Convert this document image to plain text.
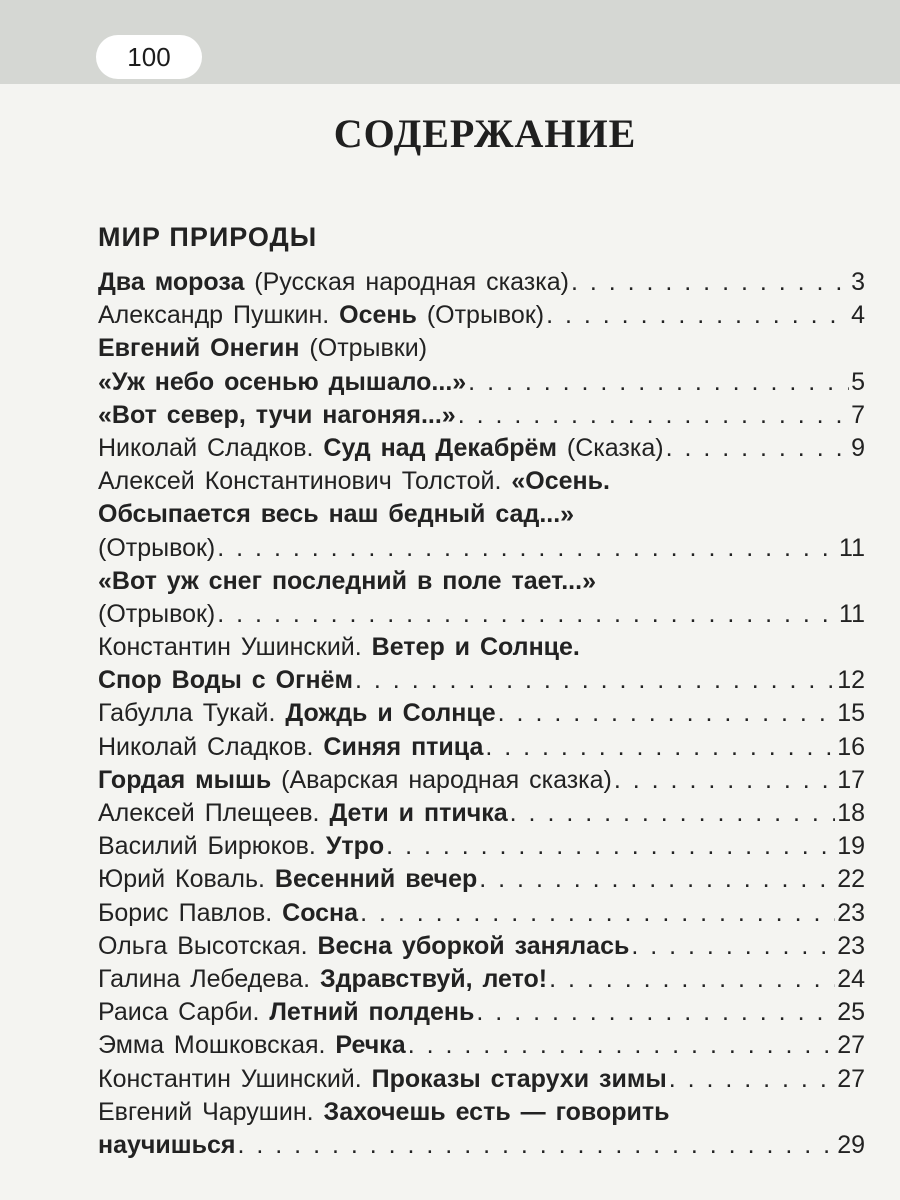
100
СОДЕРЖАНИЕ
МИР ПРИРОДЫ
Два мороза (Русская народная сказка) . . .	3
Александр Пушкин. Осень (Отрывок) . . .	4
Евгений Онегин (Отрывки)
«Уж небо осенью дышало...» . . .	5
«Вот север, тучи нагоняя...» . . .	7
Николай Сладков. Суд над Декабрём (Сказка) . . .	9
Алексей Константинович Толстой. «Осень.
Обсыпается весь наш бедный сад...»
(Отрывок) . . .	11
«Вот уж снег последний в поле тает...»
(Отрывок) . . .	11
Константин Ушинский. Ветер и Солнце.
Спор Воды с Огнём . . .	12
Габулла Тукай. Дождь и Солнце . . .	15
Николай Сладков. Синяя птица . . .	16
Гордая мышь (Аварская народная сказка) . . .	17
Алексей Плещеев. Дети и птичка . . .	18
Василий Бирюков. Утро . . .	19
Юрий Коваль. Весенний вечер . . .	22
Борис Павлов. Сосна . . .	23
Ольга Высотская. Весна уборкой занялась . . .	23
Галина Лебедева. Здравствуй, лето! . . .	24
Раиса Сарби. Летний полдень . . .	25
Эмма Мошковская. Речка . . .	27
Константин Ушинский. Проказы старухи зимы . . .	27
Евгений Чарушин. Захочешь есть — говорить
научишься . . .	29
